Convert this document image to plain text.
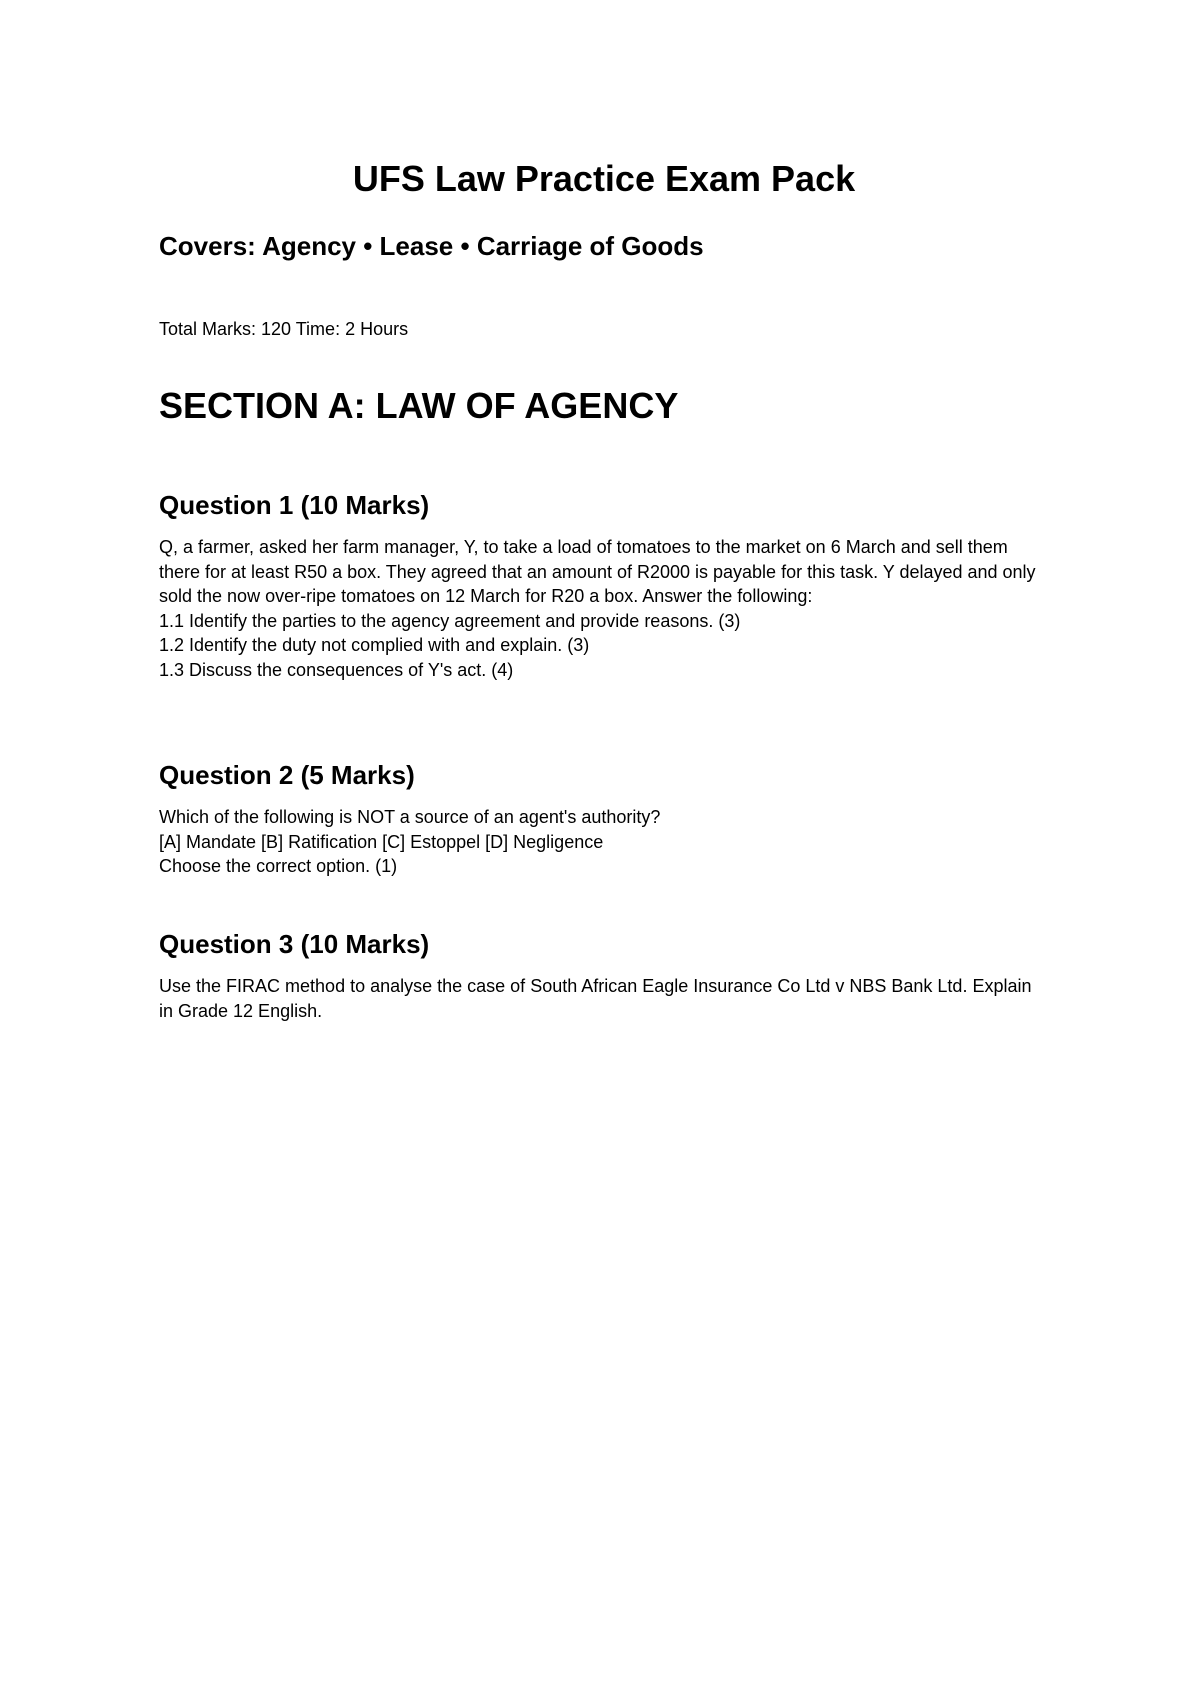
UFS Law Practice Exam Pack
Covers: Agency • Lease • Carriage of Goods

Total Marks: 120 Time: 2 Hours

SECTION A: LAW OF AGENCY
Question 1 (10 Marks)
Q, a farmer, asked her farm manager, Y, to take a load of tomatoes to the market on 6 March and sell them there for at least R50 a box. They agreed that an amount of R2000 is payable for this task. Y delayed and only sold the now over-ripe tomatoes on 12 March for R20 a box. Answer the following:
1.1 Identify the parties to the agency agreement and provide reasons. (3)
1.2 Identify the duty not complied with and explain. (3)
1.3 Discuss the consequences of Y's act. (4)
Question 2 (5 Marks)
Which of the following is NOT a source of an agent's authority?
[A] Mandate [B] Ratification [C] Estoppel [D] Negligence
Choose the correct option. (1)
Question 3 (10 Marks)
Use the FIRAC method to analyse the case of South African Eagle Insurance Co Ltd v NBS Bank Ltd. Explain in Grade 12 English.
